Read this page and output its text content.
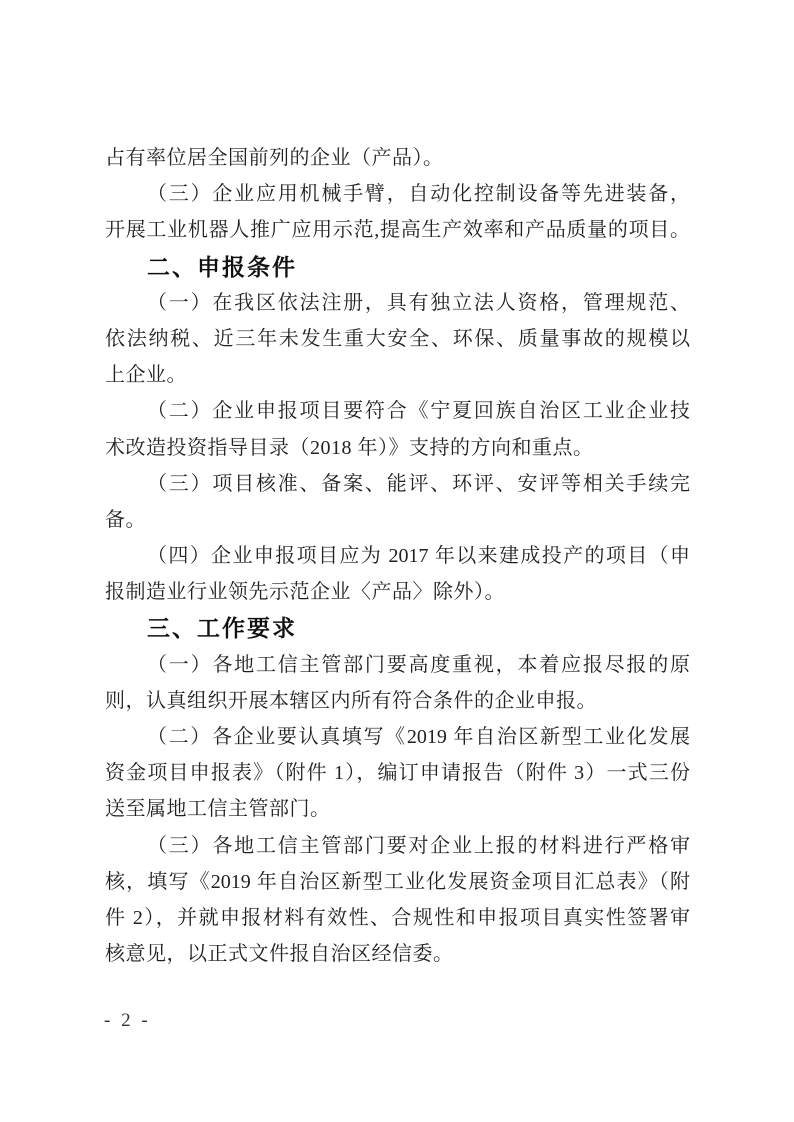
占有率位居全国前列的企业（产品）。

（三）企业应用机械手臂，自动化控制设备等先进装备，

开展工业机器人推广应用示范,提高生产效率和产品质量的项目。

二、申报条件

（一）在我区依法注册，具有独立法人资格，管理规范、

依法纳税、近三年未发生重大安全、环保、质量事故的规模以

上企业。

（二）企业申报项目要符合《宁夏回族自治区工业企业技

术改造投资指导目录（2018 年）》支持的方向和重点。

（三）项目核准、备案、能评、环评、安评等相关手续完

备。

（四）企业申报项目应为 2017 年以来建成投产的项目（申

报制造业行业领先示范企业〈产品〉除外）。

三、工作要求

（一）各地工信主管部门要高度重视，本着应报尽报的原

则，认真组织开展本辖区内所有符合条件的企业申报。

（二）各企业要认真填写《2019 年自治区新型工业化发展

资金项目申报表》（附件 1），编订申请报告（附件 3）一式三份

送至属地工信主管部门。

（三）各地工信主管部门要对企业上报的材料进行严格审

核，填写《2019 年自治区新型工业化发展资金项目汇总表》（附

件 2），并就申报材料有效性、合规性和申报项目真实性签署审

核意见，以正式文件报自治区经信委。

- 2 -
